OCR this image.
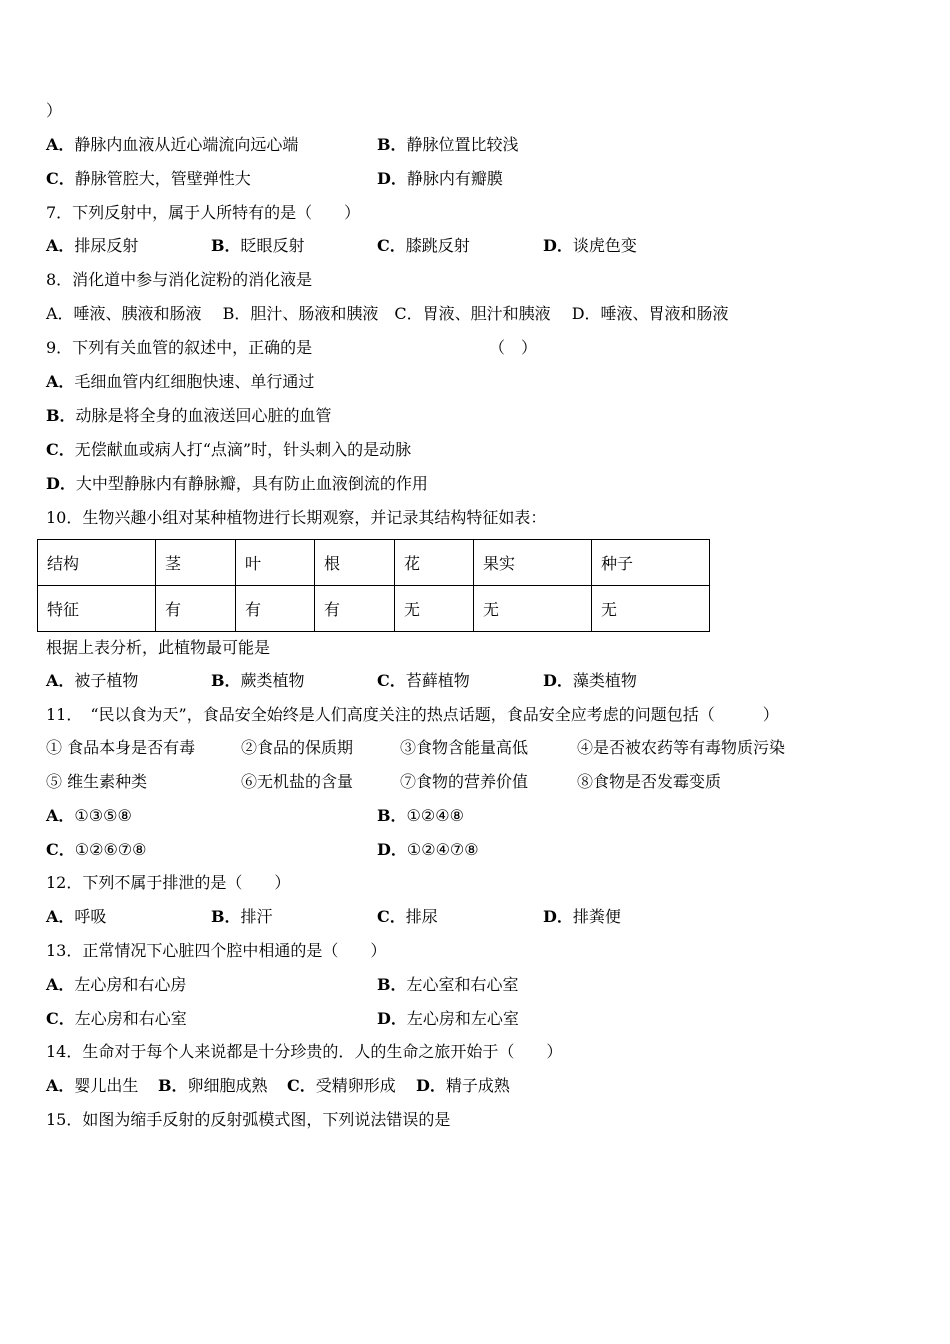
）
A．静脉内血液从近心端流向远心端	B．静脉位置比较浅
C．静脉管腔大，管壁弹性大	D．静脉内有瓣膜
7．下列反射中，属于人所特有的是（　　）
A．排尿反射	B．眨眼反射	C．膝跳反射	D．谈虎色变
8．消化道中参与消化淀粉的消化液是
A．唾液、胰液和肠液　 B．胆汁、肠液和胰液　C．胃液、胆汁和胰液　 D．唾液、胃液和肠液
9．下列有关血管的叙述中，正确的是	（　）
A．毛细血管内红细胞快速、单行通过
B．动脉是将全身的血液送回心脏的血管
C．无偿献血或病人打“点滴”时，针头刺入的是动脉
D．大中型静脉内有静脉瓣，具有防止血液倒流的作用
10．生物兴趣小组对某种植物进行长期观察，并记录其结构特征如表：
结构	茎	叶	根	花	果实	种子
特征	有	有	有	无	无	无
根据上表分析，此植物最可能是
A．被子植物	B．蕨类植物	C．苔藓植物	D．藻类植物
11．　“民以食为天”，食品安全始终是人们高度关注的热点话题，食品安全应考虑的问题包括（　　　）
① 食品本身是否有毒	②食品的保质期	③食物含能量高低	④是否被农药等有毒物质污染
⑤ 维生素种类	⑥无机盐的含量	⑦食物的营养价值	⑧食物是否发霉变质
A．①③⑤⑧	B．①②④⑧
C．①②⑥⑦⑧	D．①②④⑦⑧
12．下列不属于排泄的是（　　）
A．呼吸	B．排汗	C．排尿	D．排粪便
13．正常情况下心脏四个腔中相通的是（　　）
A．左心房和右心房	B．左心室和右心室
C．左心房和右心室	D．左心房和左心室
14．生命对于每个人来说都是十分珍贵的．人的生命之旅开始于（　　）
A．婴儿出生 B．卵细胞成熟 C．受精卵形成 D．精子成熟
15．如图为缩手反射的反射弧模式图，下列说法错误的是
